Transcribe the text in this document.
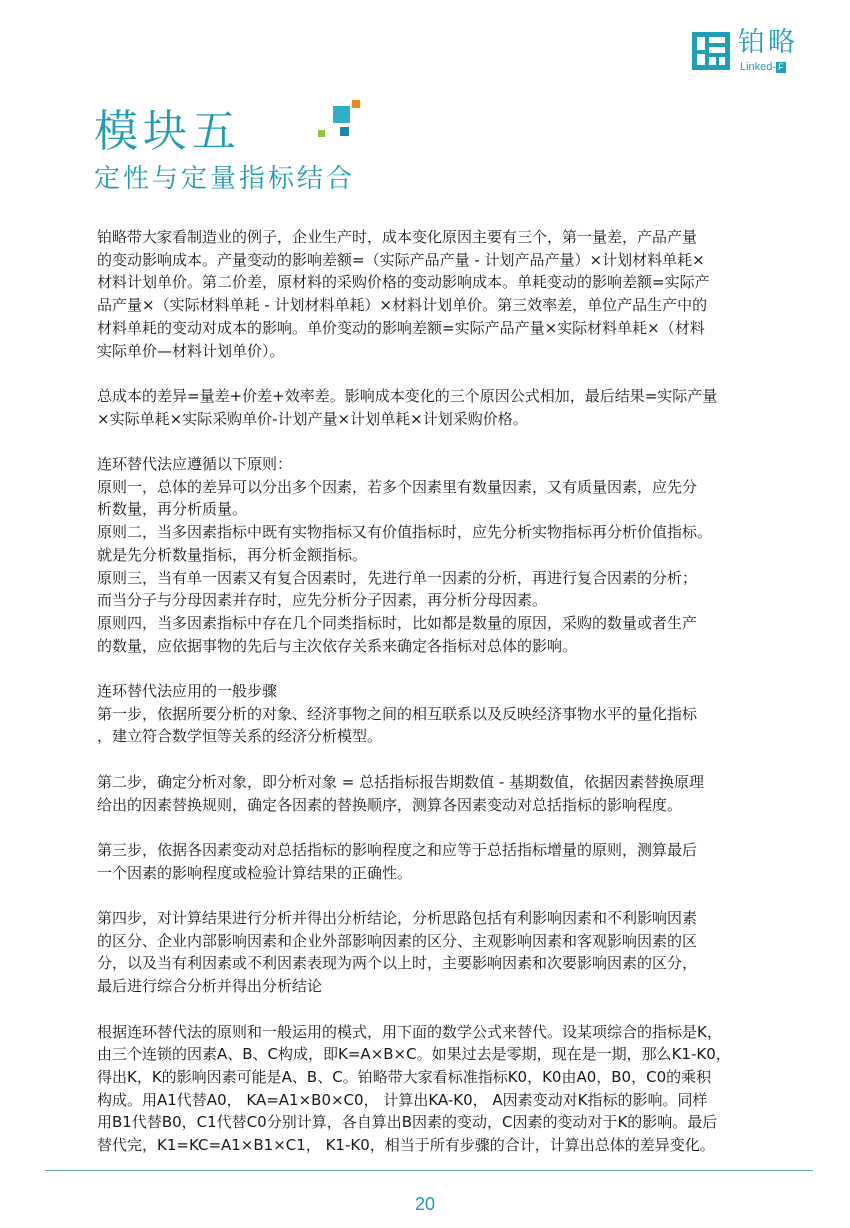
铂略
Linked- F
模块五
定性与定量指标结合
铂略带大家看制造业的例子，企业生产时，成本变化原因主要有三个，第一量差，产品产量
的变动影响成本。产量变动的影响差额=（实际产品产量 - 计划产品产量）×计划材料单耗×
材料计划单价。第二价差，原材料的采购价格的变动影响成本。单耗变动的影响差额=实际产
品产量×（实际材料单耗 - 计划材料单耗）×材料计划单价。第三效率差，单位产品生产中的
材料单耗的变动对成本的影响。单价变动的影响差额=实际产品产量×实际材料单耗×（材料
实际单价—材料计划单价）。
总成本的差异=量差+价差+效率差。影响成本变化的三个原因公式相加，最后结果=实际产量
×实际单耗×实际采购单价-计划产量×计划单耗×计划采购价格。
连环替代法应遵循以下原则：
原则一，总体的差异可以分出多个因素，若多个因素里有数量因素，又有质量因素，应先分
析数量，再分析质量。
原则二，当多因素指标中既有实物指标又有价值指标时，应先分析实物指标再分析价值指标。
就是先分析数量指标，再分析金额指标。
原则三，当有单一因素又有复合因素时，先进行单一因素的分析，再进行复合因素的分析；
而当分子与分母因素并存时，应先分析分子因素，再分析分母因素。
原则四，当多因素指标中存在几个同类指标时，比如都是数量的原因，采购的数量或者生产
的数量，应依据事物的先后与主次依存关系来确定各指标对总体的影响。
连环替代法应用的一般步骤
第一步，依据所要分析的对象、经济事物之间的相互联系以及反映经济事物水平的量化指标
，建立符合数学恒等关系的经济分析模型。
第二步，确定分析对象，即分析对象 = 总括指标报告期数值 - 基期数值，依据因素替换原理
给出的因素替换规则，确定各因素的替换顺序，测算各因素变动对总括指标的影响程度。
第三步，依据各因素变动对总括指标的影响程度之和应等于总括指标增量的原则，测算最后
一个因素的影响程度或检验计算结果的正确性。
第四步，对计算结果进行分析并得出分析结论，分析思路包括有利影响因素和不利影响因素
的区分、企业内部影响因素和企业外部影响因素的区分、主观影响因素和客观影响因素的区
分，以及当有利因素或不利因素表现为两个以上时，主要影响因素和次要影响因素的区分，
最后进行综合分析并得出分析结论
根据连环替代法的原则和一般运用的模式，用下面的数学公式来替代。设某项综合的指标是K，
由三个连锁的因素A、B、C构成，即K=A×B×C。如果过去是零期，现在是一期，那么K1-K0，
得出K，K的影响因素可能是A、B、C。铂略带大家看标准指标K0，K0由A0，B0，C0的乘积
构成。用A1代替A0， KA=A1×B0×C0， 计算出KA-K0， A因素变动对K指标的影响。同样
用B1代替B0，C1代替C0分别计算，各自算出B因素的变动，C因素的变动对于K的影响。最后
替代完，K1=KC=A1×B1×C1， K1-K0，相当于所有步骤的合计，计算出总体的差异变化。
20
